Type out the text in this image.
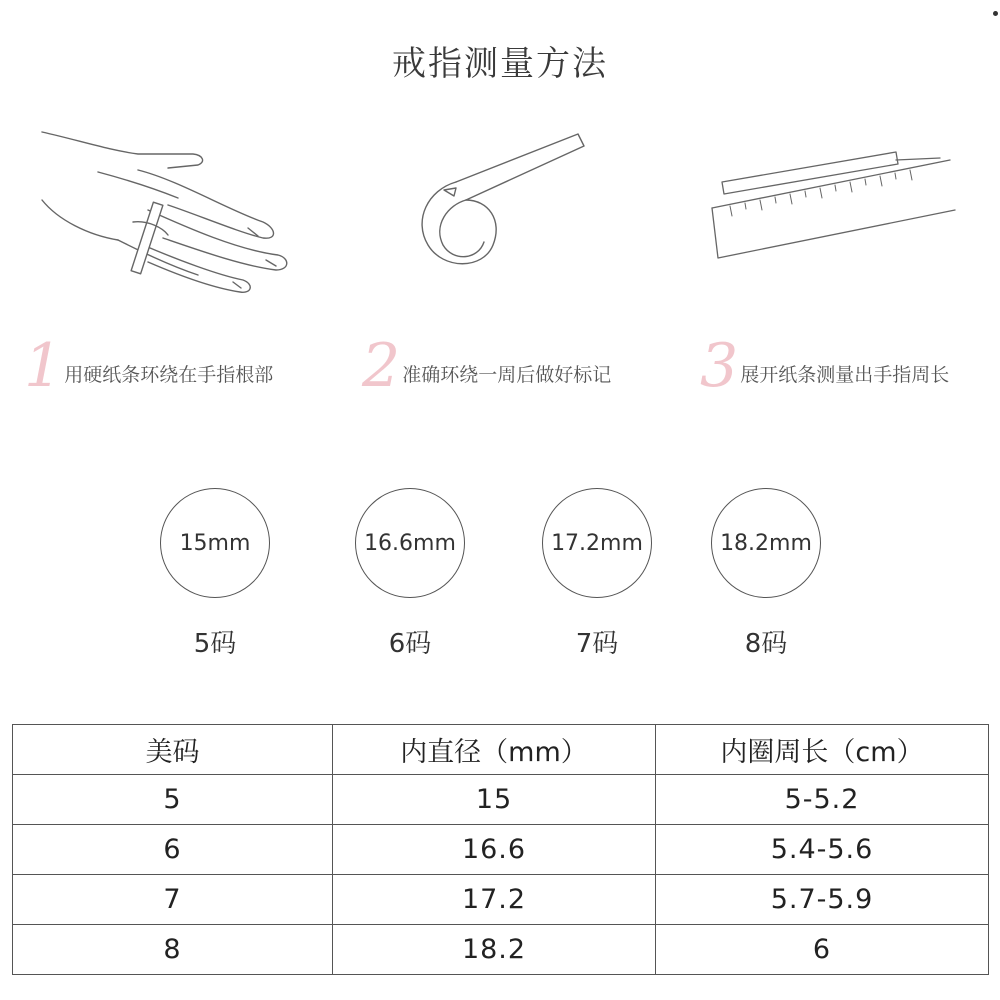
戒指测量方法
1 用硬纸条环绕在手指根部 2 准确环绕一周后做好标记 3 展开纸条测量出手指周长
15mm	16.6mm	17.2mm	18.2mm
5码	6码	7码	8码
美码	内直径（mm）	内圈周长（cm）
5	15	5-5.2
6	16.6	5.4-5.6
7	17.2	5.7-5.9
8	18.2	6
